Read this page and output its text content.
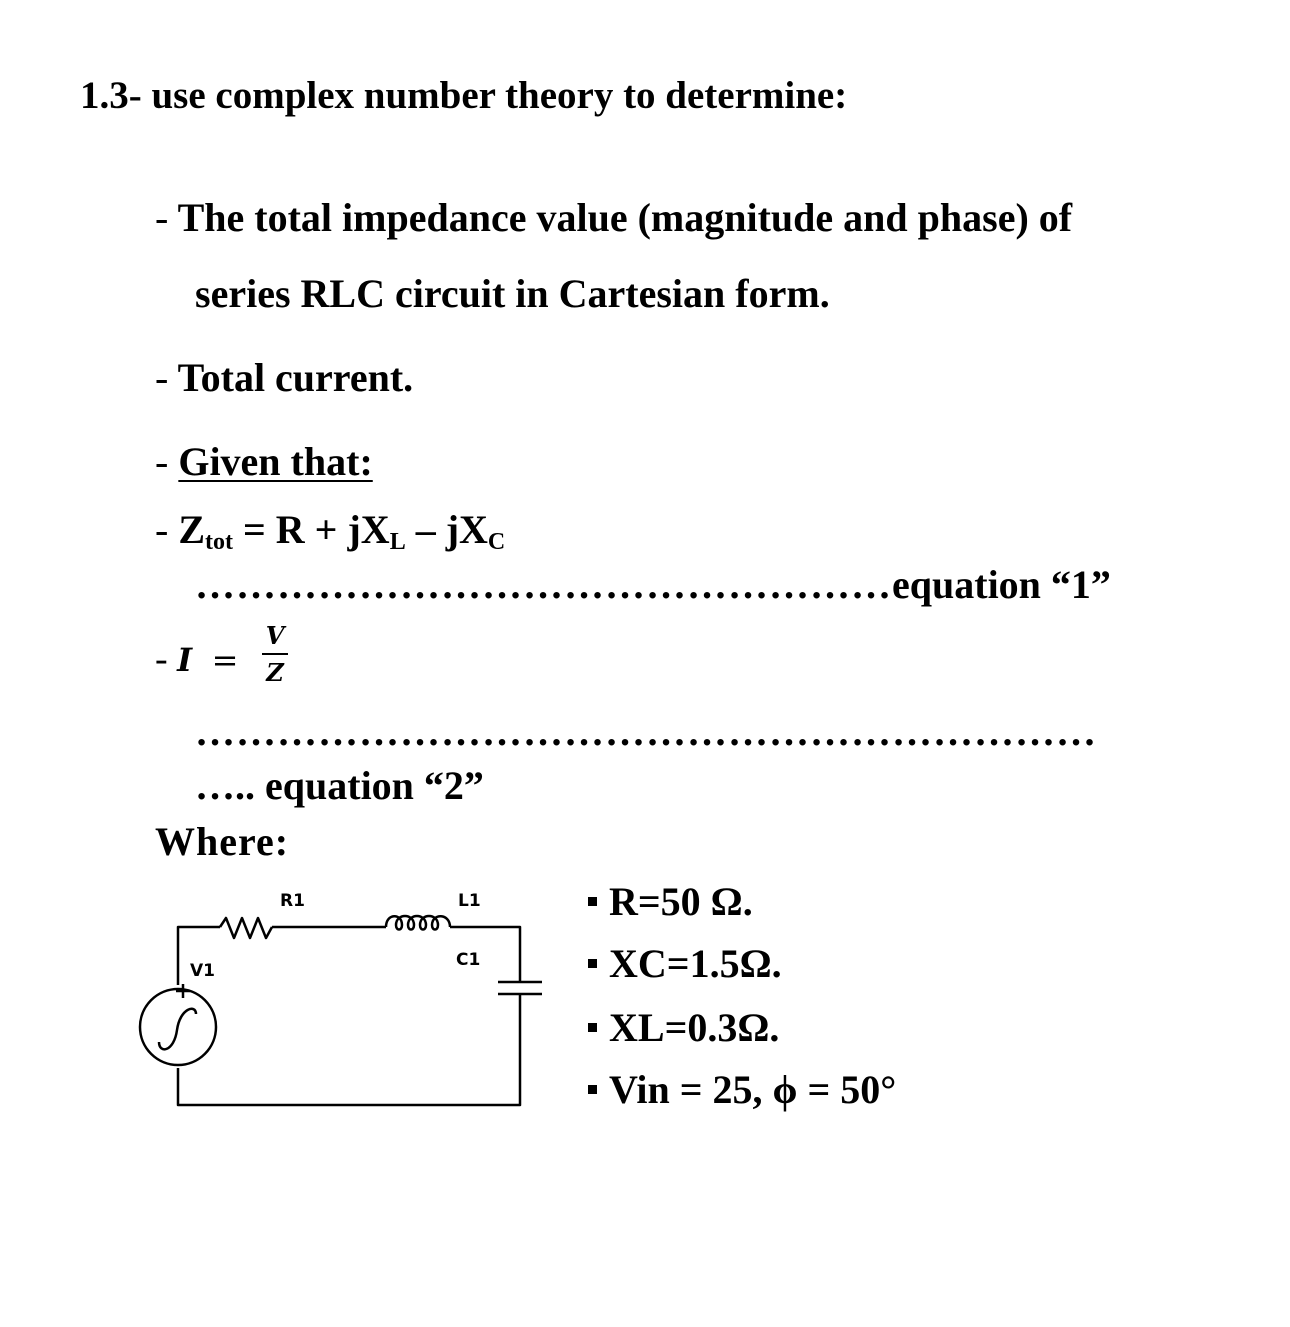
1.3- use complex number theory to determine:
- The total impedance value (magnitude and phase) of
series RLC circuit in Cartesian form.
- Total current.
- Given that:
- Ztot = R + jXL – jXC
……………………………………………equation “1”
- I =
V
Z
…………………………………………………………
….. equation “2”
Where:
R1	L1
C1
V1
R=50 Ω.
XC=1.5Ω.
XL=0.3Ω.
Vin = 25, ϕ = 50°
